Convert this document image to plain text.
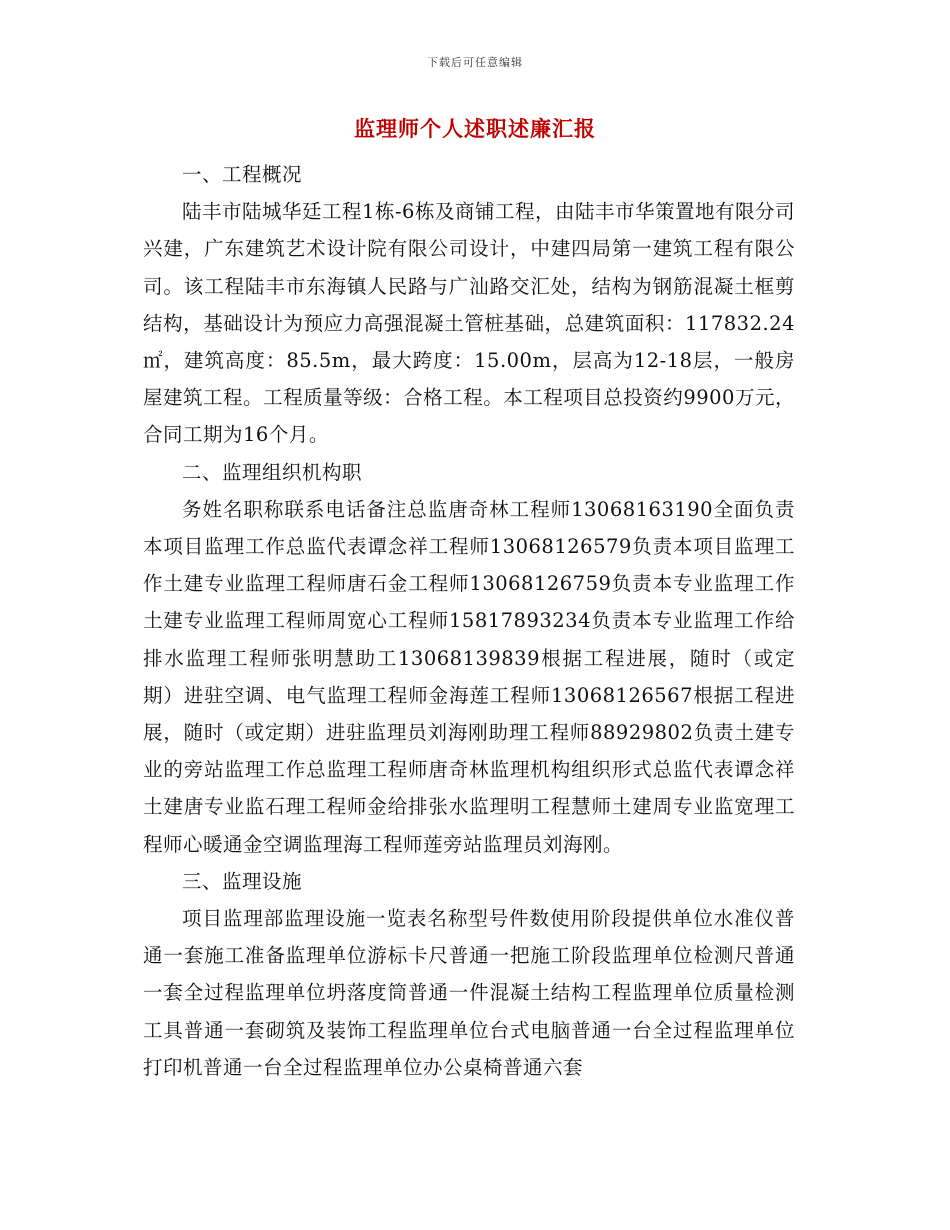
下载后可任意编辑
监理师个人述职述廉汇报

一、工程概况

陆丰市陆城华廷工程1栋-6栋及商铺工程，由陆丰市华策置地有限分司兴建，广东建筑艺术设计院有限公司设计，中建四局第一建筑工程有限公司。该工程陆丰市东海镇人民路与广汕路交汇处，结构为钢筋混凝土框剪结构，基础设计为预应力高强混凝土管桩基础，总建筑面积：117832.24㎡，建筑高度：85.5m，最大跨度：15.00m，层高为12-18层，一般房屋建筑工程。工程质量等级：合格工程。本工程项目总投资约9900万元，合同工期为16个月。

二、监理组织机构职

务姓名职称联系电话备注总监唐奇林工程师13068163190全面负责本项目监理工作总监代表谭念祥工程师13068126579负责本项目监理工作土建专业监理工程师唐石金工程师13068126759负责本专业监理工作土建专业监理工程师周宽心工程师15817893234负责本专业监理工作给排水监理工程师张明慧助工13068139839根据工程进展，随时（或定期）进驻空调、电气监理工程师金海莲工程师13068126567根据工程进展，随时（或定期）进驻监理员刘海刚助理工程师88929802负责土建专业的旁站监理工作总监理工程师唐奇林监理机构组织形式总监代表谭念祥土建唐专业监石理工程师金给排张水监理明工程慧师土建周专业监宽理工程师心暖通金空调监理海工程师莲旁站监理员刘海刚。

三、监理设施

项目监理部监理设施一览表名称型号件数使用阶段提供单位水准仪普通一套施工准备监理单位游标卡尺普通一把施工阶段监理单位检测尺普通一套全过程监理单位坍落度筒普通一件混凝土结构工程监理单位质量检测工具普通一套砌筑及装饰工程监理单位台式电脑普通一台全过程监理单位打印机普通一台全过程监理单位办公桌椅普通六套
